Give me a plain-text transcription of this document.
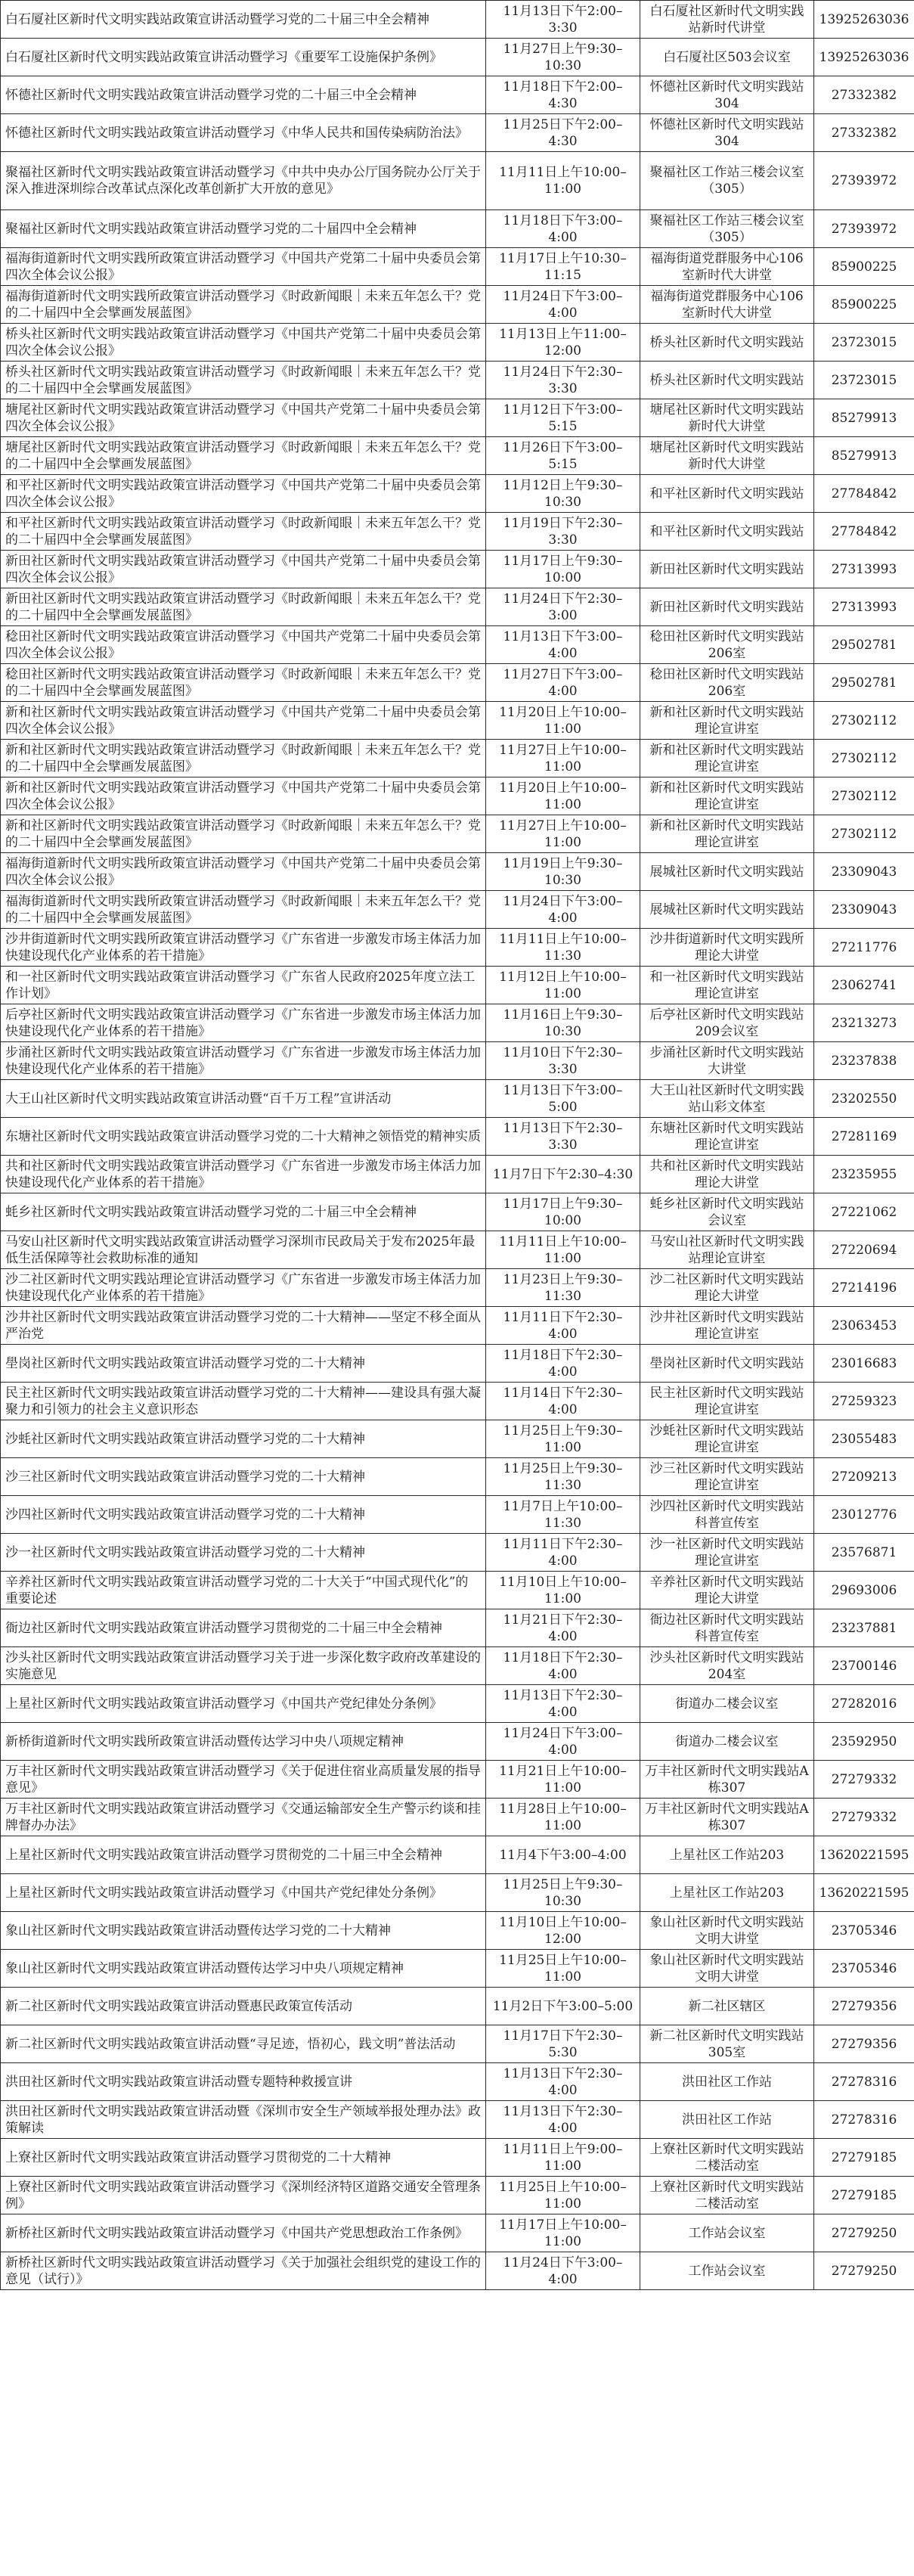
白石厦社区新时代文明实践站政策宣讲活动暨学习党的二十届三中全会精神	11月13日下午2:00–3:30	白石厦社区新时代文明实践站新时代讲堂	13925263036
白石厦社区新时代文明实践站政策宣讲活动暨学习《重要军工设施保护条例》	11月27日上午9:30–10:30	白石厦社区503会议室	13925263036
怀德社区新时代文明实践站政策宣讲活动暨学习党的二十届三中全会精神	11月18日下午2:00–4:30	怀德社区新时代文明实践站304	27332382
怀德社区新时代文明实践站政策宣讲活动暨学习《中华人民共和国传染病防治法》	11月25日下午2:00–4:30	怀德社区新时代文明实践站304	27332382
聚福社区新时代文明实践站政策宣讲活动暨学习《中共中央办公厅国务院办公厅关于深入推进深圳综合改革试点深化改革创新扩大开放的意见》	11月11日上午10:00–11:00	聚福社区工作站三楼会议室（305）	27393972
聚福社区新时代文明实践站政策宣讲活动暨学习党的二十届四中全会精神	11月18日下午3:00–4:00	聚福社区工作站三楼会议室（305）	27393972
福海街道新时代文明实践所政策宣讲活动暨学习《中国共产党第二十届中央委员会第四次全体会议公报》	11月17日上午10:30–11:15	福海街道党群服务中心106室新时代大讲堂	85900225
福海街道新时代文明实践所政策宣讲活动暨学习《时政新闻眼｜未来五年怎么干？党的二十届四中全会擘画发展蓝图》	11月24日下午3:00–4:00	福海街道党群服务中心106室新时代大讲堂	85900225
桥头社区新时代文明实践站政策宣讲活动暨学习《中国共产党第二十届中央委员会第四次全体会议公报》	11月13日上午11:00–12:00	桥头社区新时代文明实践站	23723015
桥头社区新时代文明实践站政策宣讲活动暨学习《时政新闻眼｜未来五年怎么干？党的二十届四中全会擘画发展蓝图》	11月24日下午2:30–3:30	桥头社区新时代文明实践站	23723015
塘尾社区新时代文明实践站政策宣讲活动暨学习《中国共产党第二十届中央委员会第四次全体会议公报》	11月12日下午3:00–5:15	塘尾社区新时代文明实践站新时代大讲堂	85279913
塘尾社区新时代文明实践站政策宣讲活动暨学习《时政新闻眼｜未来五年怎么干？党的二十届四中全会擘画发展蓝图》	11月26日下午3:00–5:15	塘尾社区新时代文明实践站新时代大讲堂	85279913
和平社区新时代文明实践站政策宣讲活动暨学习《中国共产党第二十届中央委员会第四次全体会议公报》	11月12日上午9:30–10:30	和平社区新时代文明实践站	27784842
和平社区新时代文明实践站政策宣讲活动暨学习《时政新闻眼｜未来五年怎么干？党的二十届四中全会擘画发展蓝图》	11月19日下午2:30–3:30	和平社区新时代文明实践站	27784842
新田社区新时代文明实践站政策宣讲活动暨学习《中国共产党第二十届中央委员会第四次全体会议公报》	11月17日上午9:30–10:00	新田社区新时代文明实践站	27313993
新田社区新时代文明实践站政策宣讲活动暨学习《时政新闻眼｜未来五年怎么干？党的二十届四中全会擘画发展蓝图》	11月24日下午2:30–3:00	新田社区新时代文明实践站	27313993
稔田社区新时代文明实践站政策宣讲活动暨学习《中国共产党第二十届中央委员会第四次全体会议公报》	11月13日下午3:00–4:00	稔田社区新时代文明实践站206室	29502781
稔田社区新时代文明实践站政策宣讲活动暨学习《时政新闻眼｜未来五年怎么干？党的二十届四中全会擘画发展蓝图》	11月27日下午3:00–4:00	稔田社区新时代文明实践站206室	29502781
新和社区新时代文明实践站政策宣讲活动暨学习《中国共产党第二十届中央委员会第四次全体会议公报》	11月20日上午10:00–11:00	新和社区新时代文明实践站理论宣讲室	27302112
新和社区新时代文明实践站政策宣讲活动暨学习《时政新闻眼｜未来五年怎么干？党的二十届四中全会擘画发展蓝图》	11月27日上午10:00–11:00	新和社区新时代文明实践站理论宣讲室	27302112
新和社区新时代文明实践站政策宣讲活动暨学习《中国共产党第二十届中央委员会第四次全体会议公报》	11月20日上午10:00–11:00	新和社区新时代文明实践站理论宣讲室	27302112
新和社区新时代文明实践站政策宣讲活动暨学习《时政新闻眼｜未来五年怎么干？党的二十届四中全会擘画发展蓝图》	11月27日上午10:00–11:00	新和社区新时代文明实践站理论宣讲室	27302112
福海街道新时代文明实践所政策宣讲活动暨学习《中国共产党第二十届中央委员会第四次全体会议公报》	11月19日上午9:30–10:30	展城社区新时代文明实践站	23309043
福海街道新时代文明实践所政策宣讲活动暨学习《时政新闻眼｜未来五年怎么干？党的二十届四中全会擘画发展蓝图》	11月24日下午3:00–4:00	展城社区新时代文明实践站	23309043
沙井街道新时代文明实践所政策宣讲活动暨学习《广东省进一步激发市场主体活力加快建设现代化产业体系的若干措施》	11月11日上午10:00–11:30	沙井街道新时代文明实践所理论大讲堂	27211776
和一社区新时代文明实践站政策宣讲活动暨学习《广东省人民政府2025年度立法工作计划》	11月12日上午10:00–11:00	和一社区新时代文明实践站理论宣讲室	23062741
后亭社区新时代文明实践站政策宣讲活动暨学习《广东省进一步激发市场主体活力加快建设现代化产业体系的若干措施》	11月16日上午9:30–10:30	后亭社区新时代文明实践站209会议室	23213273
步涌社区新时代文明实践站政策宣讲活动暨学习《广东省进一步激发市场主体活力加快建设现代化产业体系的若干措施》	11月10日下午2:30–3:30	步涌社区新时代文明实践站大讲堂	23237838
大王山社区新时代文明实践站政策宣讲活动暨“百千万工程”宣讲活动	11月13日下午3:00–5:00	大王山社区新时代文明实践站山彩文体室	23202550
东塘社区新时代文明实践站政策宣讲活动暨学习党的二十大精神之领悟党的精神实质	11月13日下午2:30–3:30	东塘社区新时代文明实践站理论宣讲室	27281169
共和社区新时代文明实践站政策宣讲活动暨学习《广东省进一步激发市场主体活力加快建设现代化产业体系的若干措施》	11月7日下午2:30–4:30	共和社区新时代文明实践站理论大讲堂	23235955
蚝乡社区新时代文明实践站政策宣讲活动暨学习党的二十届三中全会精神	11月17日上午9:30–10:00	蚝乡社区新时代文明实践站会议室	27221062
马安山社区新时代文明实践站政策宣讲活动暨学习深圳市民政局关于发布2025年最低生活保障等社会救助标准的通知	11月11日上午10:00–11:00	马安山社区新时代文明实践站理论宣讲室	27220694
沙二社区新时代文明实践站理论宣讲活动暨学习《广东省进一步激发市场主体活力加快建设现代化产业体系的若干措施》	11月23日上午9:30–11:30	沙二社区新时代文明实践站理论大讲堂	27214196
沙井社区新时代文明实践站政策宣讲活动暨学习党的二十大精神——坚定不移全面从严治党	11月11日下午2:30–4:00	沙井社区新时代文明实践站理论宣讲室	23063453
壆岗社区新时代文明实践站政策宣讲活动暨学习党的二十大精神	11月18日下午2:30–4:00	壆岗社区新时代文明实践站	23016683
民主社区新时代文明实践站政策宣讲活动暨学习党的二十大精神——建设具有强大凝聚力和引领力的社会主义意识形态	11月14日下午2:30–4:00	民主社区新时代文明实践站理论宣讲室	27259323
沙蚝社区新时代文明实践站政策宣讲活动暨学习党的二十大精神	11月25日上午9:30–11:00	沙蚝社区新时代文明实践站理论宣讲室	23055483
沙三社区新时代文明实践站政策宣讲活动暨学习党的二十大精神	11月25日上午9:30–11:30	沙三社区新时代文明实践站理论宣讲室	27209213
沙四社区新时代文明实践站政策宣讲活动暨学习党的二十大精神	11月7日上午10:00–11:30	沙四社区新时代文明实践站科普宣传室	23012776
沙一社区新时代文明实践站政策宣讲活动暨学习党的二十大精神	11月11日下午2:30–4:00	沙一社区新时代文明实践站理论宣讲室	23576871
辛养社区新时代文明实践站政策宣讲活动暨学习党的二十大关于“中国式现代化”的重要论述	11月10日上午10:00–11:00	辛养社区新时代文明实践站理论大讲堂	29693006
衙边社区新时代文明实践站政策宣讲活动暨学习贯彻党的二十届三中全会精神	11月21日下午2:30–4:00	衙边社区新时代文明实践站科普宣传室	23237881
沙头社区新时代文明实践站政策宣讲活动暨学习关于进一步深化数字政府改革建设的实施意见	11月18日下午2:30–4:00	沙头社区新时代文明实践站204室	23700146
上星社区新时代文明实践站政策宣讲活动暨学习《中国共产党纪律处分条例》	11月13日下午2:30–4:00	街道办二楼会议室	27282016
新桥街道新时代文明实践所政策宣讲活动暨传达学习中央八项规定精神	11月24日下午3:00–4:00	街道办二楼会议室	23592950
万丰社区新时代文明实践站政策宣讲活动暨学习《关于促进住宿业高质量发展的指导意见》	11月21日上午10:00–11:00	万丰社区新时代文明实践站A栋307	27279332
万丰社区新时代文明实践站政策宣讲活动暨学习《交通运输部安全生产警示约谈和挂牌督办办法》	11月28日上午10:00–11:00	万丰社区新时代文明实践站A栋307	27279332
上星社区新时代文明实践站政策宣讲活动暨学习贯彻党的二十届三中全会精神	11月4下午3:00–4:00	上星社区工作站203	13620221595
上星社区新时代文明实践站政策宣讲活动暨学习《中国共产党纪律处分条例》	11月25日上午9:30–10:30	上星社区工作站203	13620221595
象山社区新时代文明实践站政策宣讲活动暨传达学习党的二十大精神	11月10日上午10:00–12:00	象山社区新时代文明实践站文明大讲堂	23705346
象山社区新时代文明实践站政策宣讲活动暨传达学习中央八项规定精神	11月25日上午10:00–11:00	象山社区新时代文明实践站文明大讲堂	23705346
新二社区新时代文明实践站政策宣讲活动暨惠民政策宣传活动	11月2日下午3:00–5:00	新二社区辖区	27279356
新二社区新时代文明实践站政策宣讲活动暨“寻足迹，悟初心，践文明”普法活动	11月17日下午2:30–5:30	新二社区新时代文明实践站305室	27279356
洪田社区新时代文明实践站政策宣讲活动暨专题特种救援宣讲	11月13日下午2:30–4:00	洪田社区工作站	27278316
洪田社区新时代文明实践站政策宣讲活动暨《深圳市安全生产领域举报处理办法》政策解读	11月13日下午2:30–4:00	洪田社区工作站	27278316
上寮社区新时代文明实践站政策宣讲活动暨学习贯彻党的二十大精神	11月11日上午9:00–11:00	上寮社区新时代文明实践站二楼活动室	27279185
上寮社区新时代文明实践站政策宣讲活动暨学习《深圳经济特区道路交通安全管理条例》	11月25日上午10:00–11:00	上寮社区新时代文明实践站二楼活动室	27279185
新桥社区新时代文明实践站政策宣讲活动暨学习《中国共产党思想政治工作条例》	11月17日上午10:00–11:00	工作站会议室	27279250
新桥社区新时代文明实践站政策宣讲活动暨学习《关于加强社会组织党的建设工作的意见（试行）》	11月24日下午3:00–4:00	工作站会议室	27279250
